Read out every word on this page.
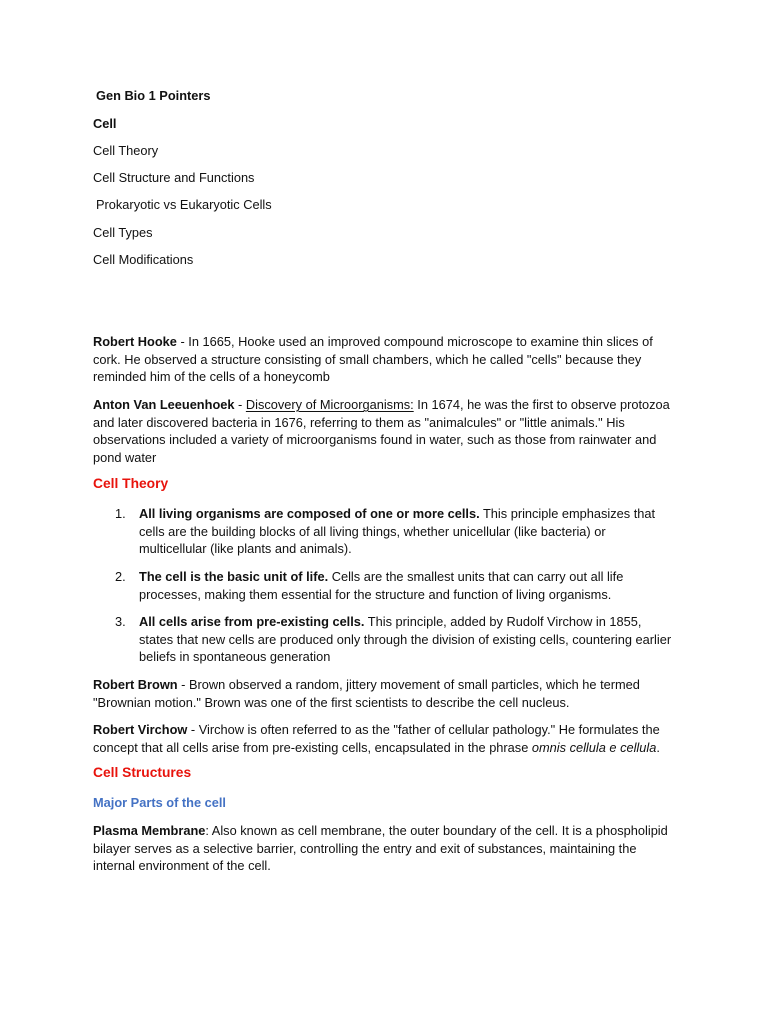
Gen Bio 1 Pointers

Cell

Cell Theory

Cell Structure and Functions

Prokaryotic vs Eukaryotic Cells

Cell Types

Cell Modifications

Robert Hooke - In 1665, Hooke used an improved compound microscope to examine thin slices of cork. He observed a structure consisting of small chambers, which he called "cells" because they reminded him of the cells of a honeycomb

Anton Van Leeuenhoek - Discovery of Microorganisms: In 1674, he was the first to observe protozoa and later discovered bacteria in 1676, referring to them as "animalcules" or "little animals." His observations included a variety of microorganisms found in water, such as those from rainwater and pond water

Cell Theory

1.	All living organisms are composed of one or more cells. This principle emphasizes that cells are the building blocks of all living things, whether unicellular (like bacteria) or multicellular (like plants and animals).
2.	The cell is the basic unit of life. Cells are the smallest units that can carry out all life processes, making them essential for the structure and function of living organisms.
3.	All cells arise from pre-existing cells. This principle, added by Rudolf Virchow in 1855, states that new cells are produced only through the division of existing cells, countering earlier beliefs in spontaneous generation

Robert Brown - Brown observed a random, jittery movement of small particles, which he termed "Brownian motion." Brown was one of the first scientists to describe the cell nucleus.

Robert Virchow - Virchow is often referred to as the "father of cellular pathology." He formulates the concept that all cells arise from pre-existing cells, encapsulated in the phrase omnis cellula e cellula.

Cell Structures

Major Parts of the cell

Plasma Membrane: Also known as cell membrane, the outer boundary of the cell. It is a phospholipid bilayer serves as a selective barrier, controlling the entry and exit of substances, maintaining the internal environment of the cell.
